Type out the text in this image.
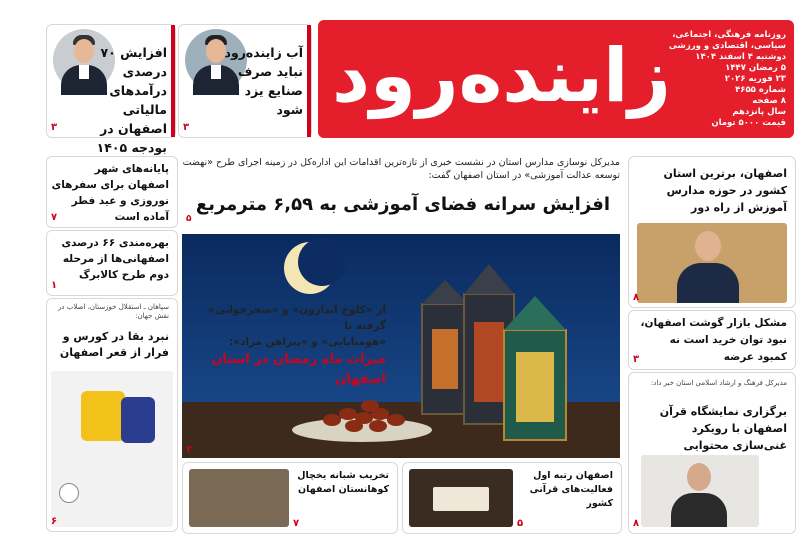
زاینده‌رود روزنامه فرهنگی، اجتماعی،
سیاسی، اقتصادی و ورزشی
دوشنبه ۴ اسفند ۱۴۰۴
۵ رمضان ۱۴۴۷
۲۳ فوریه ۲۰۲۶
شماره ۴۶۵۵
۸ صفحه
سال پانزدهم
قیمت ۵۰۰۰ تومان
آب زاینده‌رود نباید صرف صنایع یزد شود
۳
افزایش ۷۰ درصدی درآمدهای مالیاتی اصفهان در بودجه ۱۴۰۵
۳
مدیرکل نوسازی مدارس استان در نشست خبری از تازه‌ترین اقدامات این اداره‌کل در زمینه اجرای طرح «نهضت توسعه عدالت آموزشی» در استان اصفهان گفت:
افزایش سرانه فضای آموزشی به ۶,۵۹ مترمربع
۵
۲
از «کلوخ اندازون» و «سحرخوانی» گرفته تا
«هومبابایی» و «پیراهن مراد»:
میراث ماه رمضان در استان اصفهان
اصفهان، برترین استان کشور در حوزه مدارس آموزش از راه دور
۸
مشکل بازار گوشت اصفهان، نبود توان خرید است نه کمبود عرضه
۳
مدیرکل فرهنگ و ارشاد اسلامی استان خبر داد:
برگزاری نمایشگاه قرآن اصفهان با رویکرد غنی‌سازی محتوایی
۸
پایانه‌های شهر اصفهان برای سفرهای نوروزی و عید فطر آماده است
۷
بهره‌مندی ۶۶ درصدی اصفهانی‌ها از مرحله دوم طرح کالابرگ
۱
سپاهان ـ استقلال خوزستان، اصلاب در نقش جهان:
نبرد بقا در کورس و فرار از قعر اصفهان
۶
تخریب شبانه یخچال کوهانستان اصفهان
۷
اصفهان رتبه اول فعالیت‌های قرآنی کشور
۵
